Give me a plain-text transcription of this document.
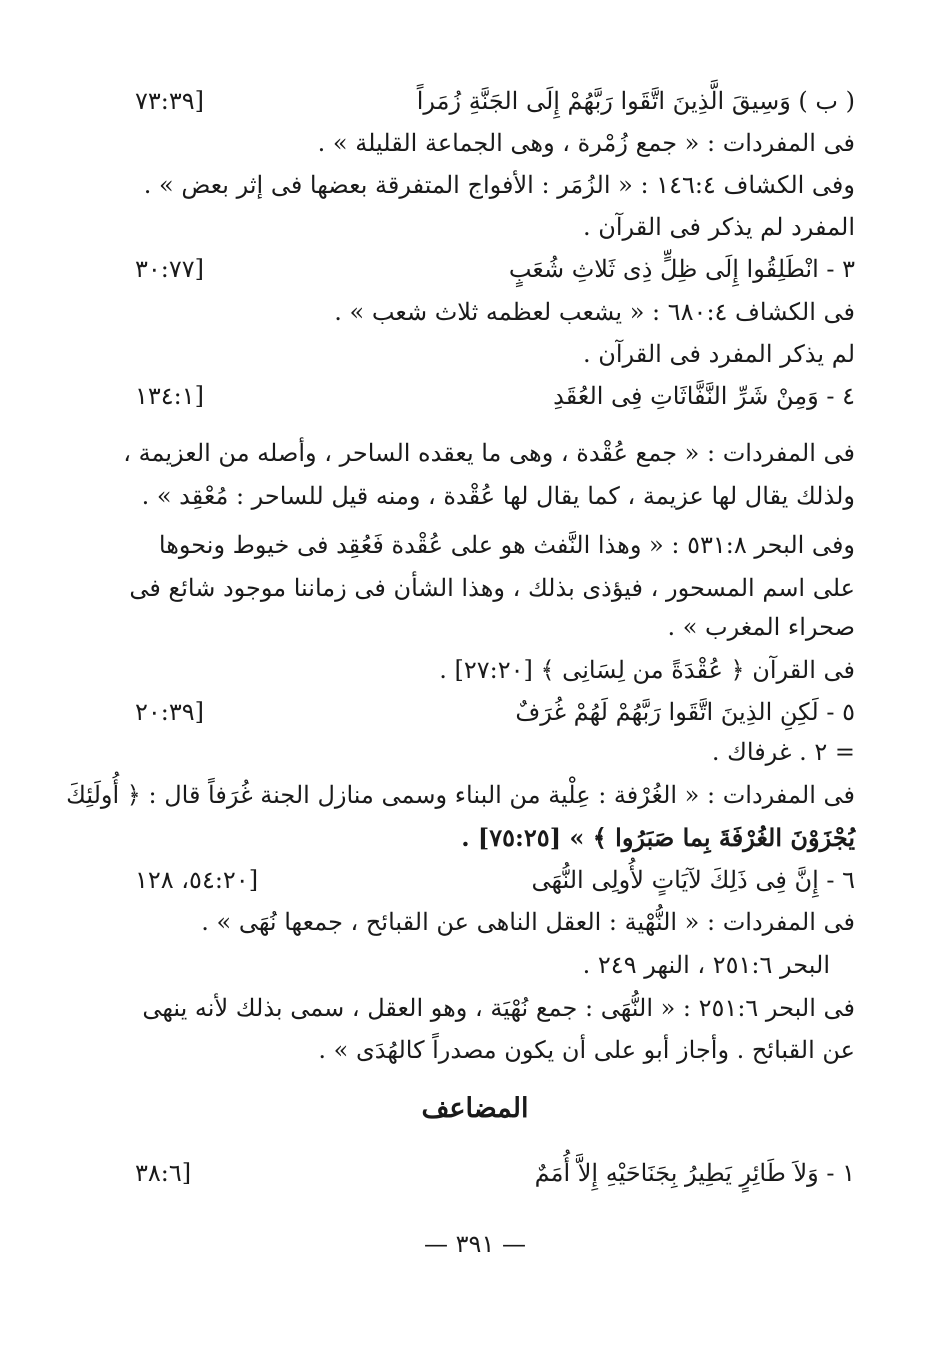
( ب ) وَسِيقَ الَّذِينَ اتَّقَوا رَبَّهُمْ إِلَى الجَنَّةِ زُمَراً
[٧٣:٣٩
فى المفردات : « جمع زُمْرة ، وهى الجماعة القليلة » .
وفى الكشاف ١٤٦:٤ : « الزُمَر : الأفواج المتفرقة بعضها فى إثر بعض » .
المفرد لم يذكر فى القرآن .
٣ - انْطَلِقُوا إِلَى ظِلٍّ ذِى ثَلاثِ شُعَبٍ
[٣٠:٧٧
فى الكشاف ٦٨٠:٤ : « يشعب لعظمه ثلاث شعب » .
لم يذكر المفرد فى القرآن .
٤ - وَمِنْ شَرِّ النَّفَّاثَاتِ فِى العُقَدِ
[١٣٤:١
فى المفردات : « جمع عُقْدة ، وهى ما يعقده الساحر ، وأصله من العزيمة ،
ولذلك يقال لها عزيمة ، كما يقال لها عُقْدة ، ومنه قيل للساحر : مُعْقِد » .
وفى البحر ٥٣١:٨ : « وهذا النَّفث هو على عُقْدة فَعُقِد فى خيوط ونحوها
على اسم المسحور ، فيؤذى بذلك ، وهذا الشأن فى زماننا موجود شائع فى
صحراء المغرب » .
فى القرآن ﴿ عُقْدَةً من لِسَانِى ﴾ [٢٧:٢٠] .
٥ - لَكِنِ الذِينَ اتَّقَوا رَبَّهُمْ لَهُمْ غُرَفٌ
[٢٠:٣٩
= ٢ . غرفاك .
فى المفردات : « الغُرْفة : عِلْية من البناء وسمى منازل الجنة غُرَفاً قال : ﴿ أُولَئِكَ
يُجْزَوْنَ الغُرْفَةَ بِما صَبَرُوا ﴾ » [٧٥:٢٥] .
٦ - إِنَّ فِى ذَلِكَ لآيَاتٍ لأُولِى النُّهَى
[٥٤:٢٠، ١٢٨
فى المفردات : « النُّهْية : العقل الناهى عن القبائح ، جمعها نُهَى » .
البحر ٢٥١:٦ ، النهر ٢٤٩ .
فى البحر ٢٥١:٦ : « النُّهَى : جمع نُهْيَة ، وهو العقل ، سمى بذلك لأنه ينهى
عن القبائح . وأجاز أبو على أن يكون مصدراً كالهُدَى » .
المضاعف
١ - وَلاَ طَائِرٍ يَطِيرُ بِجَنَاحَيْهِ إِلاَّ أُمَمٌ
[٣٨:٦
— ٣٩١ —
